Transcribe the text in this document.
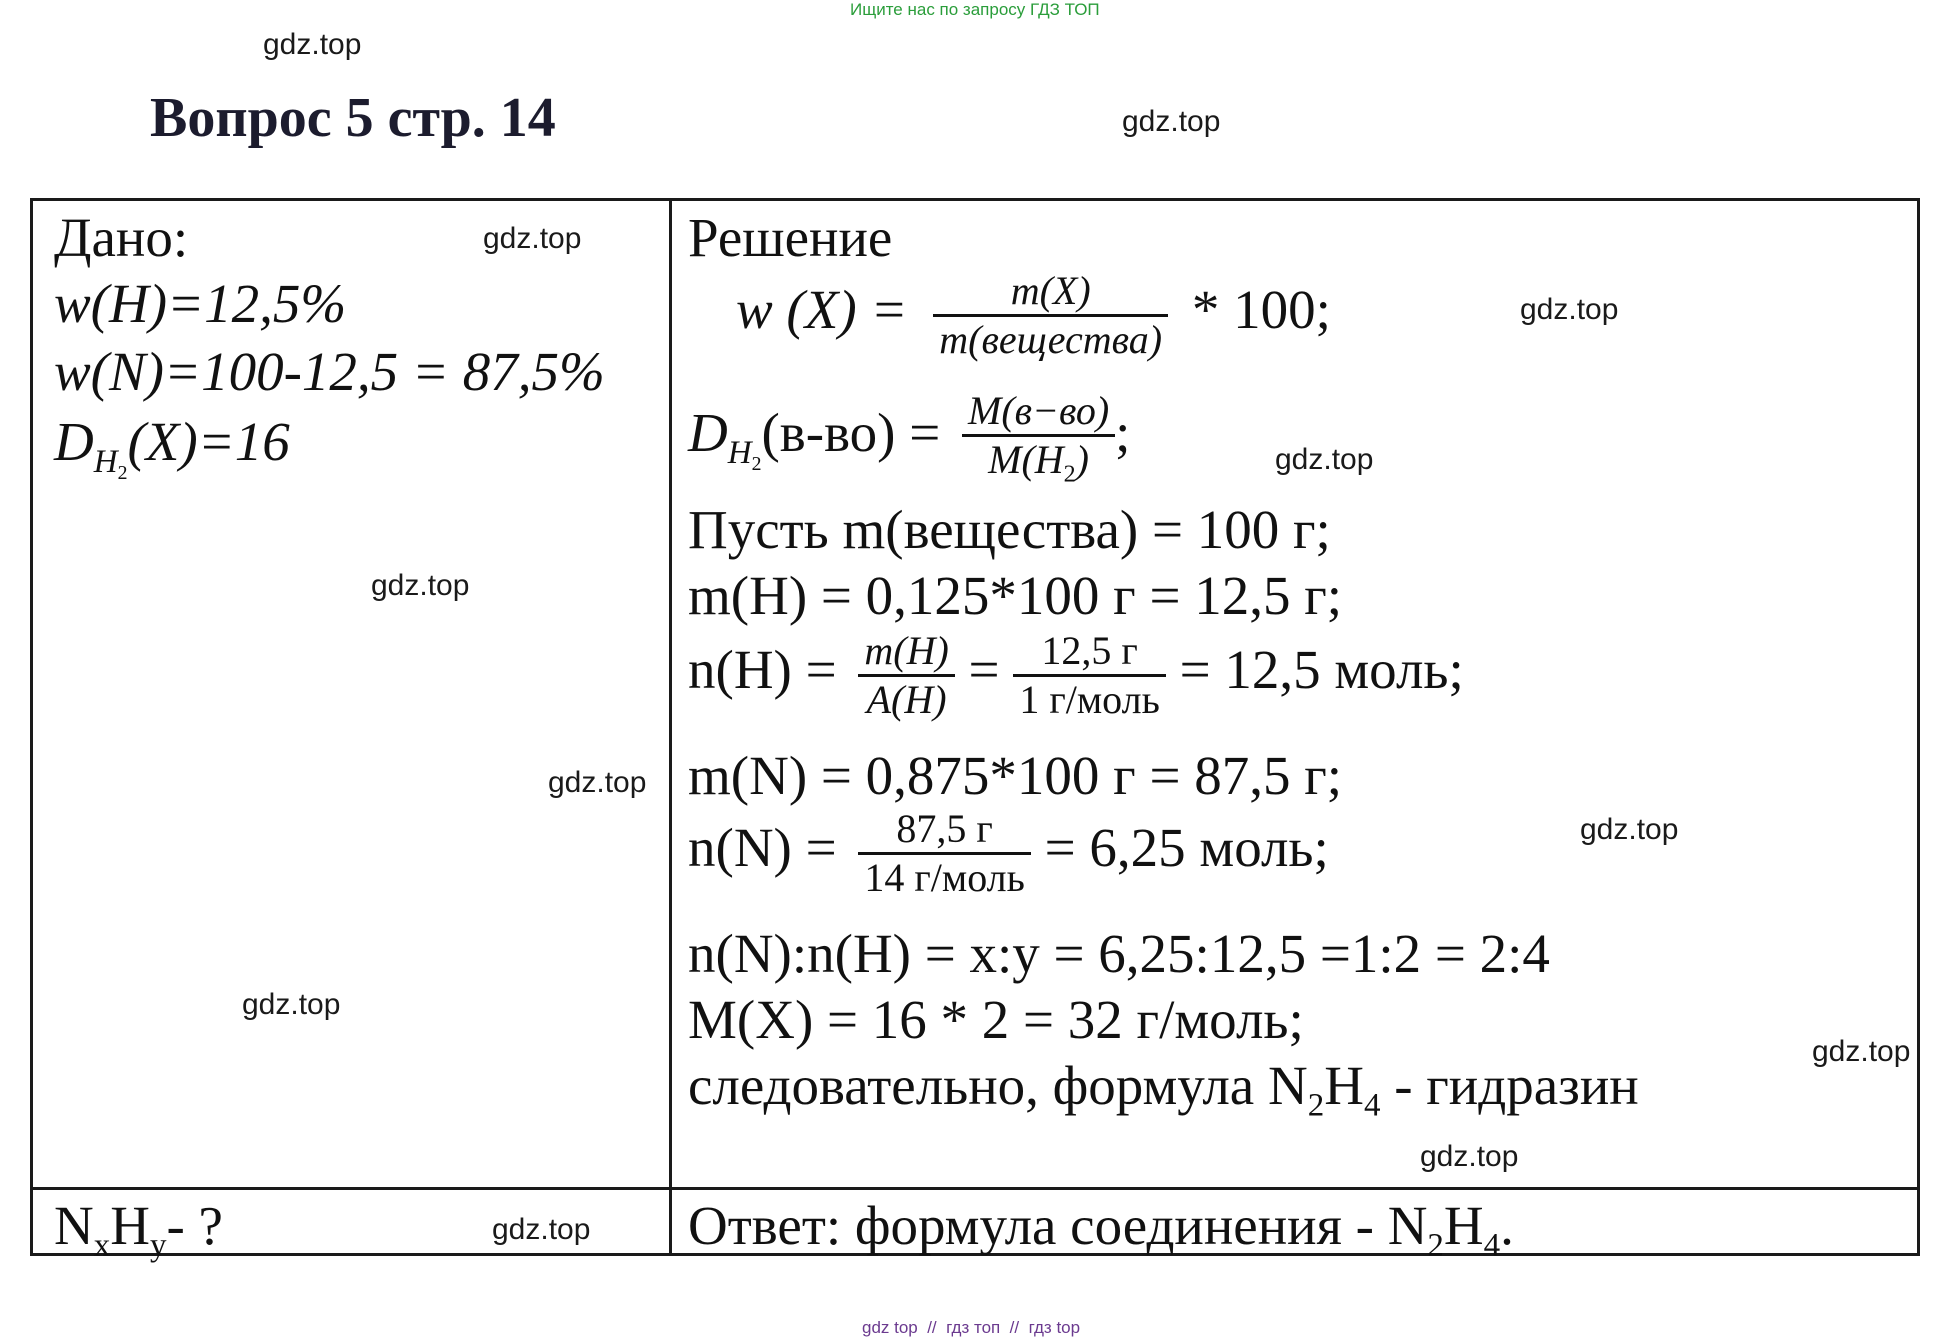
Ищите нас по запросу ГДЗ ТОП
Вопрос 5 стр. 14
gdz.top
gdz.top
gdz.top
gdz.top
gdz.top
gdz.top
gdz.top
gdz.top
gdz.top
gdz.top
gdz.top
gdz.top
Дано:
w(H)=12,5%
w(N)=100-12,5 = 87,5%
$D_{H_2}(X)=16$
$N_xH_y-$ ?
Решение
w $(X) = \frac{m(X)}{\text{m(вещества)}} * 100$;
$D_{H_2}(в-во) = \frac{M(в-во)}{M(H_2)}$ ;
Пусть m(вещества) = 100 г;
m(H) = 0,125*100 г = 12,5 г;
$n(H) = \frac{m(H)}{A(H)} = \frac{12,5 г}{\text{1 г/моль}} = 12,5$ моль;
m(N) = 0,875*100 г = 87,5 г;
$n(N) = \frac{87,5 г}{\text{14 г/моль}} = 6,25$ моль;
n(N):n(H) = x:y = 6,25:12,5 =1:2 = 2:4
M(X) = 16 * 2 = 32 г/моль;
следовательно, формула $N_2H_4$ - гидразин
Ответ: формула соединения - $N_2H_4$.
gdz top  //  гдз топ  //  гдз top
